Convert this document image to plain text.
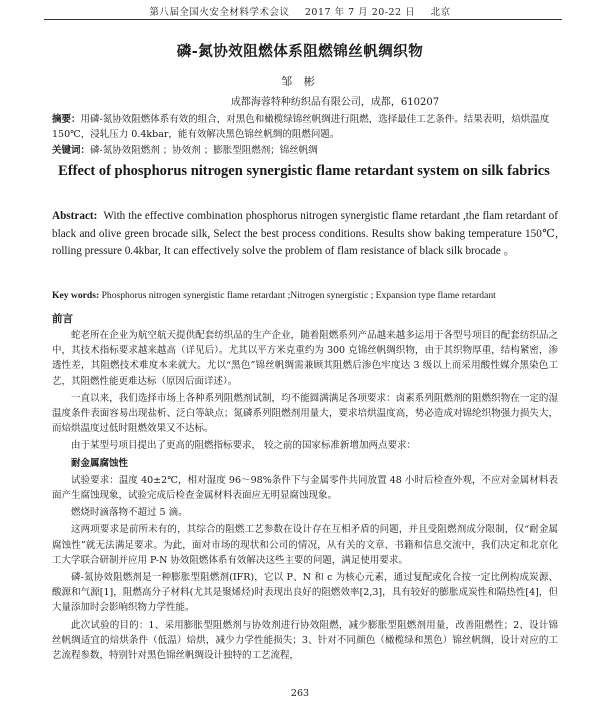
第八届全国火安全材料学术会议 2017 年 7 月 20-22 日 北京
磷-氮协效阻燃体系阻燃锦丝帆绸织物
邹 彬
成都海蓉特种纺织品有限公司，成都，610207

摘要：用磷-氮协效阻燃体系有效的组合，对黑色和橄榄绿锦丝帆绸进行阻燃，选择最佳工艺条件。结果表明，焙烘温度 150℃，浸轧压力 0.4kbar，能有效解决黑色锦丝帆绸的阻燃问题。

关键词：磷-氮协效阻燃剂 ；协效剂 ；膨胀型阻燃剂；锦丝帆绸

Effect of phosphorus nitrogen synergistic flame retardant system on silk fabrics
Abstract: With the effective combination phosphorus nitrogen synergistic flame retardant ,the flam retardant of black and olive green brocade silk, Select the best process conditions. Results show baking temperature 150℃, rolling pressure 0.4kbar, It can effectively solve the problem of flam resistance of black silk brocade 。
Key words: Phosphorus nitrogen synergistic flame retardant ;Nitrogen synergistic ; Expansion type flame retardant
前言

蛇老所在企业为航空航天提供配套纺织品的生产企业，随着阻燃系列产品越来越多运用于各型号项目的配套纺织品之中，其技术指标要求越来越高（详见后）。尤其以平方米克重约为 300 克锦丝帆绸织物，由于其织物厚重，结构紧密，渗透性差，其阻燃技术难度本来就大。尤以“黑色”锦丝帆绸需兼顾其阻燃后渗色牢度达 3 级以上而采用酸性媒介黑染色工艺，其阻燃性能更难达标（原因后面详述）。

一直以来，我们选择市场上各种系列阻燃剂试制，均不能圆满满足各项要求：卤素系列阻燃剂的阻燃织物在一定的湿温度条件表面容易出现盐析、泛白等缺点；氮磷系列阻燃剂用量大，要求培烘温度高，势必造成对锦纶织物强力损失大，而焙烘温度过低时阻燃效果又不达标。

由于某型号项目提出了更高的阻燃指标要求， 较之前的国家标准新增加两点要求：

耐金属腐蚀性

试验要求：温度 40±2℃，相对湿度 96～98%条件下与金属零件共同放置 48 小时后检查外观，不应对金属材料表面产生腐蚀现象，试验完成后检查金属材料表面应无明显腐蚀现象。

燃烧时滴落物不超过 5 滴。

这两项要求是前所未有的，其综合的阻燃工艺参数在设计存在互相矛盾的问题，并且受阻燃剂成分限制，仅“耐金属腐蚀性”就无法满足要求。为此，面对市场的现状和公司的情况，从有关的文章、书籍和信息交流中，我们决定和北京化工大学联合研制并应用 P-N 协效阻燃体系有效解决这些主要的问题，满足使用要求。

磷-氮协效阻燃剂是一种膨胀型阻燃剂(IFR)，它以 P、N 和 c 为核心元素，通过复配或化合按一定比例构成炭源、酸源和气源[1]，阻燃高分子材料(尤其是聚烯烃)时表现出良好的阻燃效率[2,3]，具有较好的膨胀成炭性和隔热性[4]，但大量添加时会影响织物力学性能。

此次试验的目的：1、采用膨胀型阻燃剂与协效剂进行协效阻燃，减少膨胀型阻燃剂用量，改善阻燃性；2、设计锦丝帆绸适宜的焙烘条件（低温）焙烘，减少力学性能损失；3、针对不同颜色（橄榄绿和黑色）锦丝帆绸，设计对应的工艺流程参数，特别针对黑色锦丝帆绸设计独特的工艺流程，

263
